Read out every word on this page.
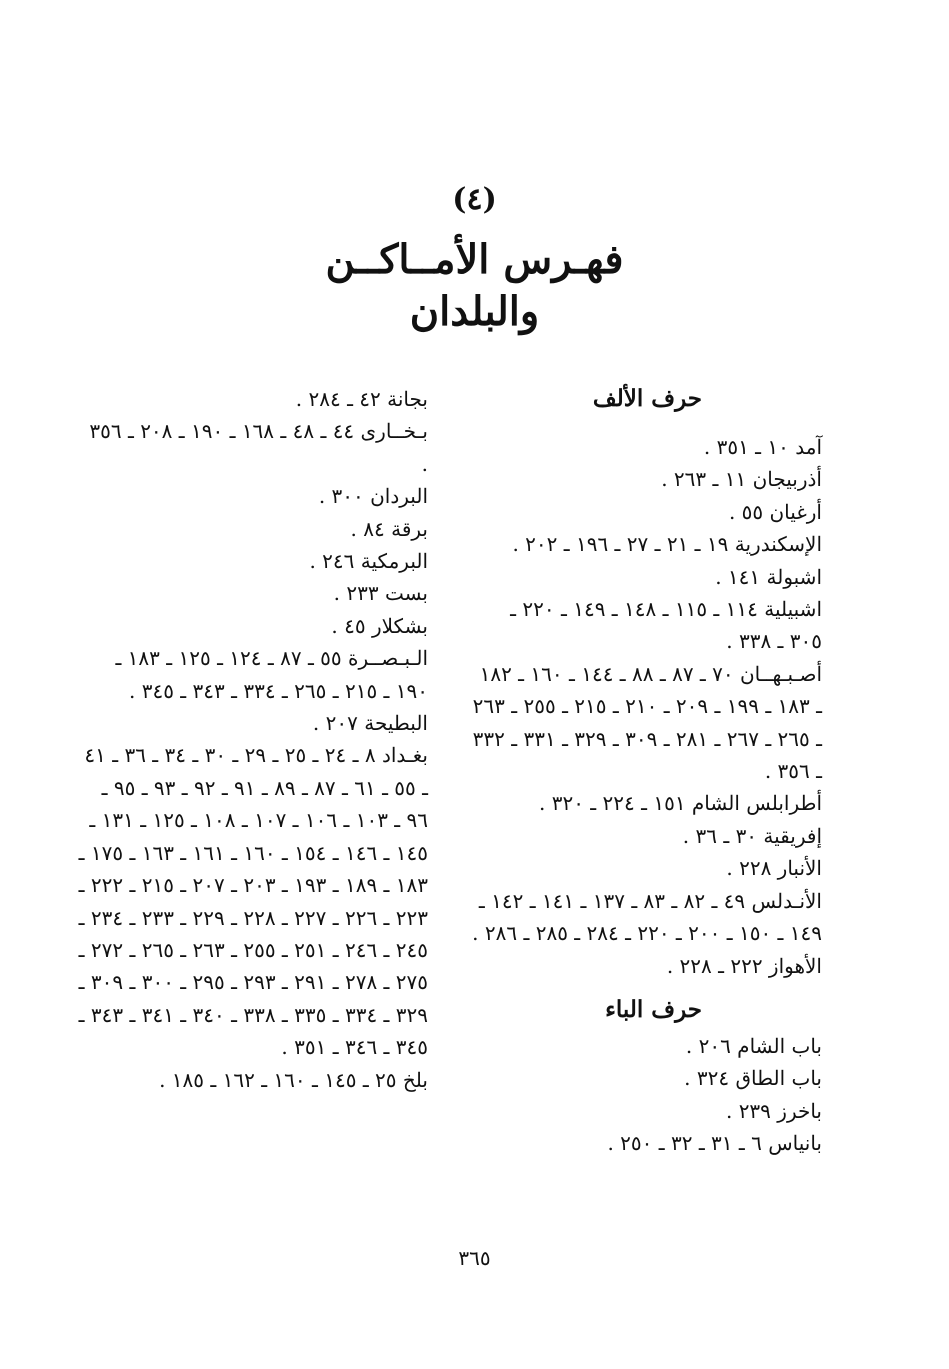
(٤)
فهـرس الأمــاكــن
والبلدان
حرف الألف
آمد ١٠ ـ ٣٥١ .
أذربيجان ١١ ـ ٢٦٣ .
أرغيان ٥٥ .
الإسكندرية ١٩ ـ ٢١ ـ ٢٧ ـ ١٩٦ ـ ٢٠٢ .
اشبولة ١٤١ .
اشبيلية ١١٤ ـ ١١٥ ـ ١٤٨ ـ ١٤٩ ـ ٢٢٠ ـ ٣٠٥ ـ ٣٣٨ .
أصـبـهــان ٧٠ ـ ٨٧ ـ ٨٨ ـ ١٤٤ ـ ١٦٠ ـ ١٨٢ ـ ١٨٣ ـ ١٩٩ ـ ٢٠٩ ـ ٢١٠ ـ ٢١٥ ـ ٢٥٥ ـ ٢٦٣ ـ ٢٦٥ ـ ٢٦٧ ـ ٢٨١ ـ ٣٠٩ ـ ٣٢٩ ـ ٣٣١ ـ ٣٣٢ ـ ٣٥٦ .
أطرابلس الشام ١٥١ ـ ٢٢٤ ـ ٣٢٠ .
إفريقية ٣٠ ـ ٣٦ .
الأنبار ٢٢٨ .
الأنـدلس ٤٩ ـ ٨٢ ـ ٨٣ ـ ١٣٧ ـ ١٤١ ـ ١٤٢ ـ ١٤٩ ـ ١٥٠ ـ ٢٠٠ ـ ٢٢٠ ـ ٢٨٤ ـ ٢٨٥ ـ ٢٨٦ .
الأهواز ٢٢٢ ـ ٢٢٨ .
حرف الباء
باب الشام ٢٠٦ .
باب الطاق ٣٢٤ .
باخرز ٢٣٩ .
بانياس ٦ ـ ٣١ ـ ٣٢ ـ ٢٥٠ .
بجانة ٤٢ ـ ٢٨٤ .
بـخــارى ٤٤ ـ ٤٨ ـ ١٦٨ ـ ١٩٠ ـ ٢٠٨ ـ ٣٥٦ .
البردان ٣٠٠ .
برقة ٨٤ .
البرمكية ٢٤٦ .
بست ٢٣٣ .
بشكلار ٤٥ .
الـبـصــرة ٥٥ ـ ٨٧ ـ ١٢٤ ـ ١٢٥ ـ ١٨٣ ـ ١٩٠ ـ ٢١٥ ـ ٢٦٥ ـ ٣٣٤ ـ ٣٤٣ ـ ٣٤٥ .
البطيحة ٢٠٧ .
بغـداد ٨ ـ ٢٤ ـ ٢٥ ـ ٢٩ ـ ٣٠ ـ ٣٤ ـ ٣٦ ـ ٤١ ـ ٥٥ ـ ٦١ ـ ٨٧ ـ ٨٩ ـ ٩١ ـ ٩٢ ـ ٩٣ ـ ٩٥ ـ ٩٦ ـ ١٠٣ ـ ١٠٦ ـ ١٠٧ ـ ١٠٨ ـ ١٢٥ ـ ١٣١ ـ ١٤٥ ـ ١٤٦ ـ ١٥٤ ـ ١٦٠ ـ ١٦١ ـ ١٦٣ ـ ١٧٥ ـ ١٨٣ ـ ١٨٩ ـ ١٩٣ ـ ٢٠٣ ـ ٢٠٧ ـ ٢١٥ ـ ٢٢٢ ـ ٢٢٣ ـ ٢٢٦ ـ ٢٢٧ ـ ٢٢٨ ـ ٢٢٩ ـ ٢٣٣ ـ ٢٣٤ ـ ٢٤٥ ـ ٢٤٦ ـ ٢٥١ ـ ٢٥٥ ـ ٢٦٣ ـ ٢٦٥ ـ ٢٧٢ ـ ٢٧٥ ـ ٢٧٨ ـ ٢٩١ ـ ٢٩٣ ـ ٢٩٥ ـ ٣٠٠ ـ ٣٠٩ ـ ٣٢٩ ـ ٣٣٤ ـ ٣٣٥ ـ ٣٣٨ ـ ٣٤٠ ـ ٣٤١ ـ ٣٤٣ ـ ٣٤٥ ـ ٣٤٦ ـ ٣٥١ .
بلخ ٢٥ ـ ١٤٥ ـ ١٦٠ ـ ١٦٢ ـ ١٨٥ .
٣٦٥
